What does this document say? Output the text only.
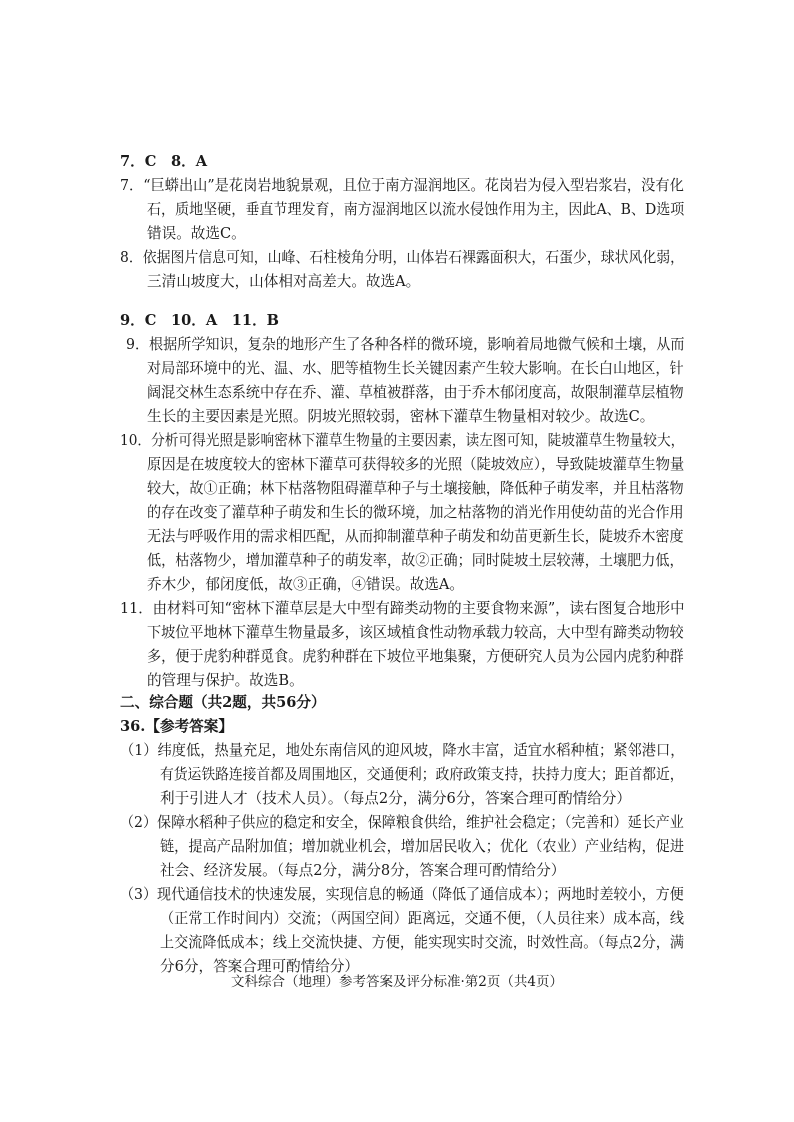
7．C　8．A
7．“巨蟒出山”是花岗岩地貌景观，且位于南方湿润地区。花岗岩为侵入型岩浆岩，没有化
石，质地坚硬，垂直节理发育，南方湿润地区以流水侵蚀作用为主，因此A、B、D选项
错误。故选C。
8．依据图片信息可知，山峰、石柱棱角分明，山体岩石裸露面积大，石蛋少，球状风化弱，
三清山坡度大，山体相对高差大。故选A。
9．C　10．A　11．B
9．根据所学知识，复杂的地形产生了各种各样的微环境，影响着局地微气候和土壤，从而
对局部环境中的光、温、水、肥等植物生长关键因素产生较大影响。在长白山地区，针
阔混交林生态系统中存在乔、灌、草植被群落，由于乔木郁闭度高，故限制灌草层植物
生长的主要因素是光照。阴坡光照较弱，密林下灌草生物量相对较少。故选C。
10．分析可得光照是影响密林下灌草生物量的主要因素，读左图可知，陡坡灌草生物量较大，
原因是在坡度较大的密林下灌草可获得较多的光照（陡坡效应），导致陡坡灌草生物量
较大，故①正确；林下枯落物阻碍灌草种子与土壤接触，降低种子萌发率，并且枯落物
的存在改变了灌草种子萌发和生长的微环境，加之枯落物的消光作用使幼苗的光合作用
无法与呼吸作用的需求相匹配，从而抑制灌草种子萌发和幼苗更新生长，陡坡乔木密度
低，枯落物少，增加灌草种子的萌发率，故②正确；同时陡坡土层较薄，土壤肥力低，
乔木少，郁闭度低，故③正确，④错误。故选A。
11．由材料可知“密林下灌草层是大中型有蹄类动物的主要食物来源”，读右图复合地形中
下坡位平地林下灌草生物量最多，该区域植食性动物承载力较高，大中型有蹄类动物较
多，便于虎豹种群觅食。虎豹种群在下坡位平地集聚，方便研究人员为公园内虎豹种群
的管理与保护。故选B。
二、综合题（共2题，共56分）
36.【参考答案】
（1）纬度低，热量充足，地处东南信风的迎风坡，降水丰富，适宜水稻种植；紧邻港口，
有货运铁路连接首都及周围地区，交通便利；政府政策支持，扶持力度大；距首都近，
利于引进人才（技术人员）。（每点2分，满分6分，答案合理可酌情给分）
（2）保障水稻种子供应的稳定和安全，保障粮食供给，维护社会稳定；（完善和）延长产业
链，提高产品附加值；增加就业机会，增加居民收入；优化（农业）产业结构，促进
社会、经济发展。（每点2分，满分8分，答案合理可酌情给分）
（3）现代通信技术的快速发展，实现信息的畅通（降低了通信成本）；两地时差较小，方便
（正常工作时间内）交流；（两国空间）距离远，交通不便，（人员往来）成本高，线
上交流降低成本；线上交流快捷、方便，能实现实时交流，时效性高。（每点2分，满
分6分，答案合理可酌情给分）
文科综合（地理）参考答案及评分标准·第2页（共4页）
